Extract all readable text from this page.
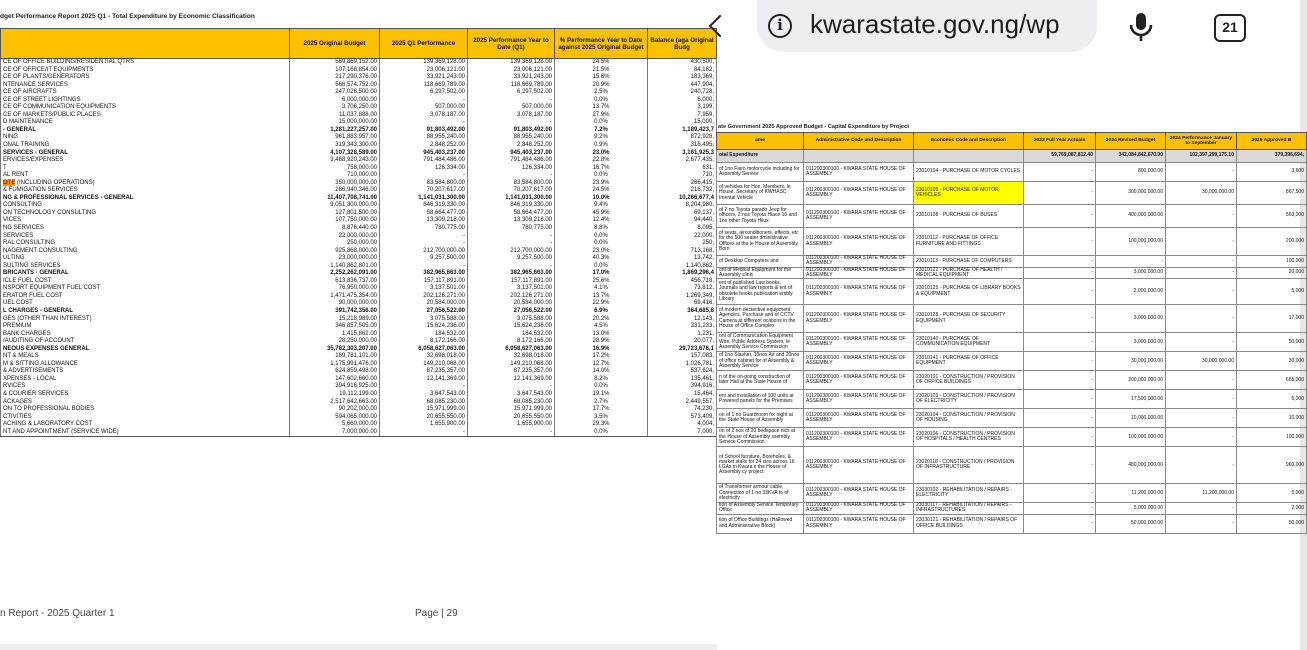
dget Performance Report 2025 Q1 - Total Expenditure by Economic Classification
	2025 Original Budget	2025 Q1 Performance	2025 Performance Year to Date (Q1)	% Performance Year to Date against 2025 Original Budget	Balance (aga Original Budg
CE OF OFFICE BUILDING/RESIDENTIAL QTRS	569,869,152.00	139,369,128.00	139,369,128.00	24.5%	430,500,
CE OF OFFICE/IT EQUIPMENTS	107,168,854.00	23,006,121.00	23,006,121.00	21.5%	84,162,
CE OF PLANTS/GENERATORS	217,290,376.00	33,921,243.00	33,921,243.00	15.6%	183,369,
NTENANCE SERVICES	566,574,752.00	118,669,789.00	118,669,789.00	20.9%	447,904,
CE OF AIRCRAFTS	247,026,500.00	6,297,502.00	6,297,502.00	2.5%	240,728,
CE OF STREET LIGHTINGS	6,000,000.00	-	-	0.0%	6,000,
CE OF COMMUNICATION EQUIPMENTS	3,706,250.00	507,000.00	507,000.00	13.7%	3,199,
CE OF MARKETS/PUBLIC PLACES	11,037,888.00	3,078,187.00	3,078,187.00	27.9%	7,959,
D MAINTENANCE	15,000,000.00	-	-	0.0%	15,000,
- GENERAL	1,281,227,257.00	91,803,492.00	91,803,492.00	7.2%	1,189,423,7
NING	961,883,957.00	88,955,240.00	88,955,240.00	9.2%	872,928,
ONAL TRAINING	319,343,300.00	2,848,252.00	2,848,252.00	0.9%	316,495,
SERVICES - GENERAL	4,107,328,589.00	945,403,237.00	945,403,237.00	23.0%	3,161,925,3
ERVICES/EXPENSES	3,468,920,243.00	791,484,486.00	791,484,486.00	22.8%	2,677,435,
T	758,000.00	126,334.00	126,334.00	16.7%	631,
AL RENT	710,000.00	-	-	0.0%	710,
OTE (INCLUDING OPERATIONS)	350,000,000.00	83,584,800.00	83,584,800.00	23.9%	266,415,
& FUMIGATION SERVICES	286,940,346.00	70,207,617.00	70,207,617.00	24.5%	216,732,
NG & PROFESSIONAL SERVICES - GENERAL	11,407,708,741.00	1,141,031,300.00	1,141,031,300.00	10.0%	10,266,677,4
CONSULTING	9,051,300,000.00	846,319,330.00	846,319,330.00	9.4%	8,204,980,
ON TECHNOLOGY CONSULTING	127,801,500.00	58,664,477.00	58,664,477.00	45.9%	69,137,
VICES	107,750,000.00	13,309,218.00	13,309,218.00	12.4%	94,440,
NG SERVICES	8,876,440.00	780,775.00	780,775.00	8.8%	8,095,
SERVICES	22,000,000.00	-	-	0.0%	22,000,
RAL CONSULTING	250,000.00	-	-	0.0%	250,
NAGEMENT CONSULTING	925,868,000.00	212,700,000.00	212,700,000.00	23.0%	713,168,
ULTING	23,000,000.00	9,257,500.00	9,257,500.00	40.3%	13,742,
SULTING SERVICES	1,140,862,801.00	-	-	0.0%	1,140,862,
BRICANTS - GENERAL	2,252,262,091.00	382,965,663.00	382,965,663.00	17.0%	1,869,296,4
ICLE FUEL COST	613,836,737.00	157,117,891.00	157,117,891.00	25.6%	456,718,
NSPORT EQUIPMENT FUEL COST	76,950,000.00	3,137,501.00	3,137,501.00	4.1%	73,812,
ERATOR FUEL COST	1,471,475,354.00	202,126,271.00	202,126,271.00	13.7%	1,269,349,
UEL COST	90,000,000.00	20,584,000.00	20,584,000.00	22.9%	69,416,
L CHARGES - GENERAL	391,742,356.00	27,056,522.00	27,056,522.00	6.9%	364,685,8
GES (OTHER THAN INTEREST)	15,218,989.00	3,075,588.00	3,075,588.00	20.2%	12,143,
PREMIUM	346,857,505.00	15,624,236.00	15,624,236.00	4.5%	331,233,
BANK CHARGES	1,415,862.00	184,532.00	184,532.00	13.0%	1,231,
/AUDITING OF ACCOUNT	28,250,000.00	8,172,166.00	8,172,166.00	28.9%	20,077,
NEOUS EXPENSES GENERAL	35,782,303,207.00	6,058,627,063.00	6,058,627,063.00	16.9%	29,723,676,1
NT & MEALS	189,781,101.00	32,698,018.00	32,698,018.00	17.2%	157,083,
M & SITTING ALLOWANCE	1,175,991,476.00	149,210,068.00	149,210,068.00	12.7%	1,026,781,
& ADVERTISEMENTS	624,859,498.00	87,235,357.00	87,235,357.00	14.0%	537,624,
XPENSES - LOCAL	147,602,660.00	12,141,369.00	12,141,369.00	8.2%	135,461,
RVICES	394,916,925.00	-	-	0.0%	394,916,
& COURIER SERVICES	19,112,199.00	3,647,543.00	3,647,543.00	19.1%	15,464,
ACKAGES	2,517,642,663.00	68,085,230.00	68,085,230.00	2.7%	2,449,557,
ON TO PROFESSIONAL BODIES	90,202,000.00	15,971,999.00	15,971,999.00	17.7%	74,230,
CTIVITIES	594,065,000.00	20,655,550.00	20,655,550.00	3.5%	573,409,
ACHING & LABORATORY COST	5,660,000.00	1,655,900.00	1,655,900.00	29.3%	4,004,
NT AND APPOINTMENT (SERVICE WIDE)	7,000,000.00	-	-	0.0%	7,000,
n Report - 2025 Quarter 1	Page | 29
i	kwarastate.gov.ng/wp	21
ate Government 2025 Approved Budget - Capital Expenditure by Project
ame	Administrative Code and Description	Economic Code and Description	2023 Full Year Actuals	2024 Revised Budget	2024 Performance January to September	2025 Approved B
otal Expenditure			59,769,087,812.40	342,084,842,670.00	102,397,299,175.10	379,396,694,
of 1no Fiero motorcycle including for Assembly Service	011200300100 - KWARA STATE HOUSE OF ASSEMBLY	23010104 - PURCHASE OF MOTOR CYCLES	-	800,000.00	-	3,600
of vehicles for Hon. Members, le House, Secretary of KWHASC Imental Vehicle	011200300100 - KWARA STATE HOUSE OF ASSEMBLY	23010105 - PURCHASE OF MOTOR VEHICLES	-	300,000,000.00	30,000,000.00	867,500
of 2 no Toyota parado Jeep for officers, 2 nos Toyota Hiace 16 and 1no other Toyota Hilux	011200300100 - KWARA STATE HOUSE OF ASSEMBLY	23010108 - PURCHASE OF BUSES	-	400,000,000.00	-	569,000
of seats, airconditioners, effects, etc for the 500 seater dministrative Offices at the le House of Assembly. Born	011200300100 - KWARA STATE HOUSE OF ASSEMBLY	23010112 - PURCHASE OF OFFICE FURNITURE AND FITTINGS	-	100,000,000.00	-	200,000
of Desktop Computers and	011200300100 - KWARA STATE HOUSE OF ASSEMBLY	23010113 - PURCHASE OF COMPUTERS	-	-	-	100,000
ont of Medical Equipment for the Assembly clinic	011200300100 - KWARA STATE HOUSE OF ASSEMBLY	23010122 - PURCHASE OF HEALTH / MEDICAL EQUIPMENT	-	3,000,000.00	-	20,000
ent of published Law books, Journals and law reports & ent of obsolete books publication embly Library	011200300100 - KWARA STATE HOUSE OF ASSEMBLY	23010125 - PURCHASE OF LIBRARY BOOKS & EQUIPMENT	-	2,000,000.00	-	5,000
of modern dectective equipment Agencies. Purchase and of CCTV Camera at different ocations in the House of Office Complex	011200300100 - KWARA STATE HOUSE OF ASSEMBLY	23010128 - PURCHASE OF SECURITY EQUIPMENT	-	3,000,000.00	-	17,000
ont of Communication Equipment Wire, Public Address System, le Assembly Service Commission	011200300100 - KWARA STATE HOUSE OF ASSEMBLY	23010140 - PURCHASE OF COMMUNICATION EQUIPMENT	-	3,000,000.00	-	50,000
of 1no Slasher, 10nos Air and 20nos of office cabinet for of Assembly & Assembly Service	011200300100 - KWARA STATE HOUSE OF ASSEMBLY	23010141 - PURCHASE OF OFFICE EQUIPMENT	-	30,000,000.00	30,000,000.00	30,000
n of the on-going construction of later Hall at the State House of	011200300100 - KWARA STATE HOUSE OF ASSEMBLY	23020101 - CONSTRUCTION / PROVISION OF OFFICE BUILDINGS	-	200,000,000.00	-	665,000
ent and installation of 100 units ar Powered panels for the Premises	011200300100 - KWARA STATE HOUSE OF ASSEMBLY	23020103 - CONSTRUCTION / PROVISION OF ELECTRICITY	-	17,500,000.00	-	5,000
on of 1 no Guardroom for night at the State House of Assembly	011200300100 - KWARA STATE HOUSE OF ASSEMBLY	23020104 - CONSTRUCTION / PROVISION OF HOUSING	-	10,000,000.00	-	10,000
on of 2 nos of 20 bedspace nics at the House of Assembly ssembly Service Commission	011200300100 - KWARA STATE HOUSE OF ASSEMBLY	23020106 - CONSTRUCTION / PROVISION OF HOSPITALS / HEALTH CENTRES	-	100,000,000.00	-	100,000
of School furniture, Boreholes, & market stalls for 24 cies across 16 LGAs in Kwara e the House of Assembly cy project	011200300100 - KWARA STATE HOUSE OF ASSEMBLY	23020118 - CONSTRUCTION / PROVISION OF INFRASTRUCTURE	-	480,000,000.00	-	960,000
of Transformer armour cable, Connection of 1 no 33KVA to of electricity	011200300100 - KWARA STATE HOUSE OF ASSEMBLY	23030102 - REHABILITATION / REPAIRS - ELECTRICITY	-	11,200,000.00	11,200,000.00	5,000
tion of Assembly Service Temporary Office	011200300100 - KWARA STATE HOUSE OF ASSEMBLY	23030117 - REHABILITATION / REPAIRS - INFRASTRUCTURES	-	5,000,000.00	-	2,000
tion of Office Buildings (Hallowed and Administrative Block)	011200300100 - KWARA STATE HOUSE OF ASSEMBLY	23030121 - REHABILITATION / REPAIRS OF OFFICE BUILDINGS	-	50,000,000.00	-	50,000
